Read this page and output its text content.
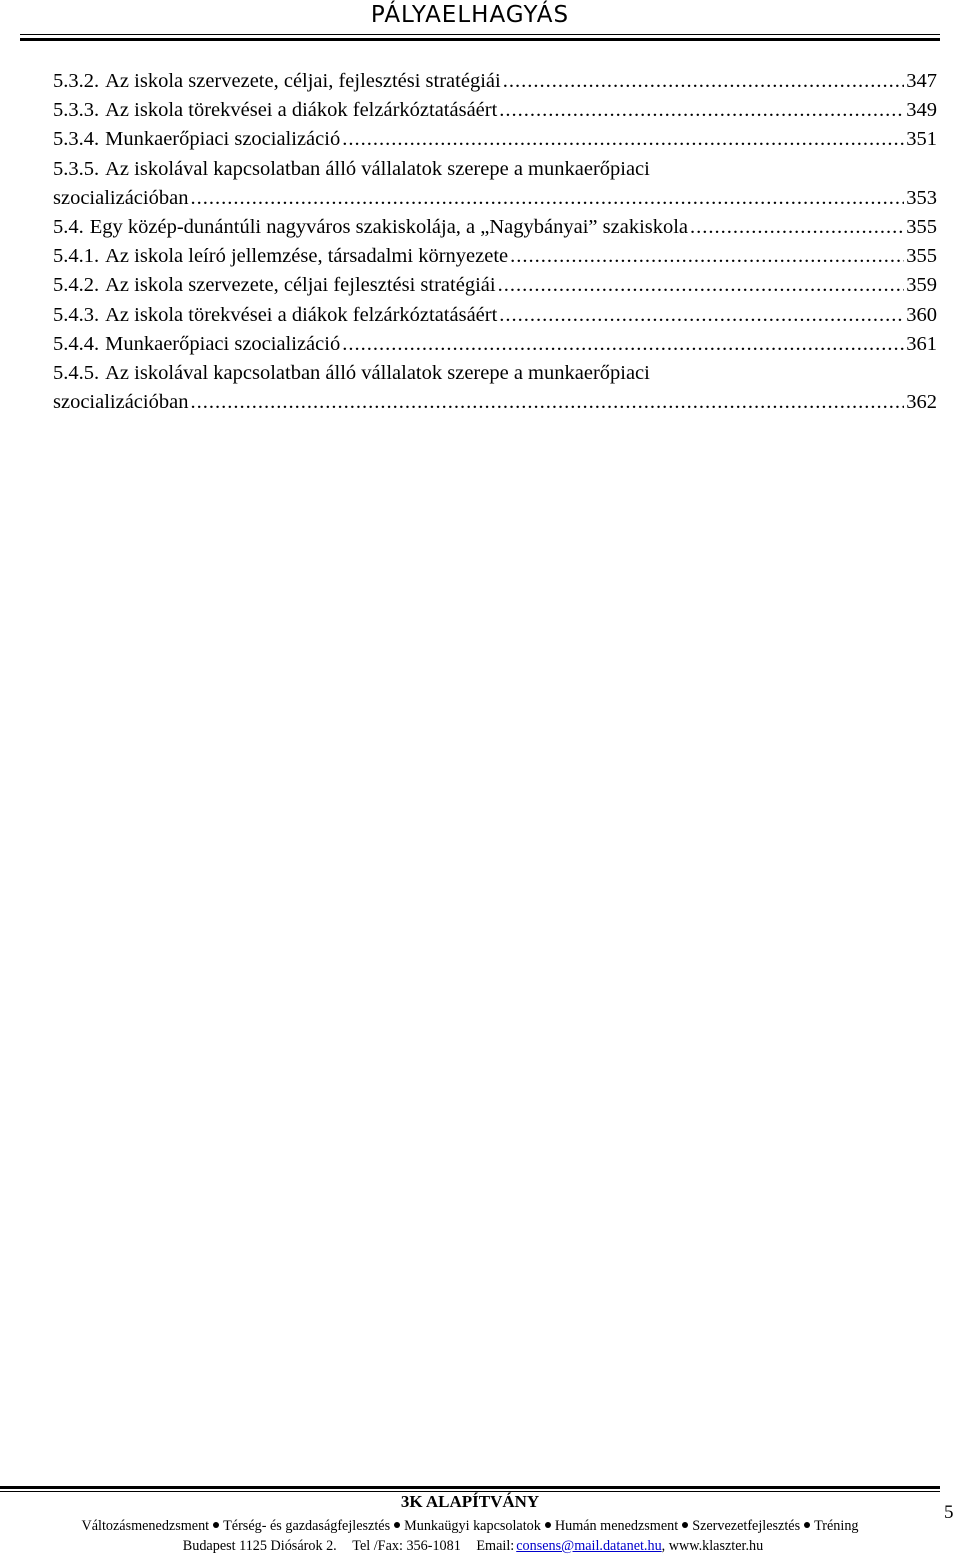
PÁLYAELHAGYÁS
5.3.2. Az iskola szervezete, céljai, fejlesztési stratégiái .....	347
5.3.3. Az iskola törekvései a diákok felzárkóztatásáért .....	349
5.3.4. Munkaerőpiaci szocializáció .....	351
5.3.5. Az iskolával kapcsolatban álló vállalatok szerepe a munkaerőpiaci
szocializációban .....	353
5.4. Egy közép-dunántúli nagyváros szakiskolája, a „Nagybányai” szakiskola .....	355
5.4.1. Az iskola leíró jellemzése, társadalmi környezete .....	355
5.4.2. Az iskola szervezete, céljai fejlesztési stratégiái .....	359
5.4.3. Az iskola törekvései a diákok felzárkóztatásáért .....	360
5.4.4. Munkaerőpiaci szocializáció .....	361
5.4.5. Az iskolával kapcsolatban álló vállalatok szerepe a munkaerőpiaci
szocializációban .....	362
3K ALAPÍTVÁNY
Változásmenedzsment Térség- és gazdaságfejlesztés Munkaügyi kapcsolatok Humán menedzsment Szervezetfejlesztés Tréning
Budapest 1125 Diósárok 2. Tel /Fax: 356-1081 Email: consens@mail.datanet.hu, www.klaszter.hu
5
